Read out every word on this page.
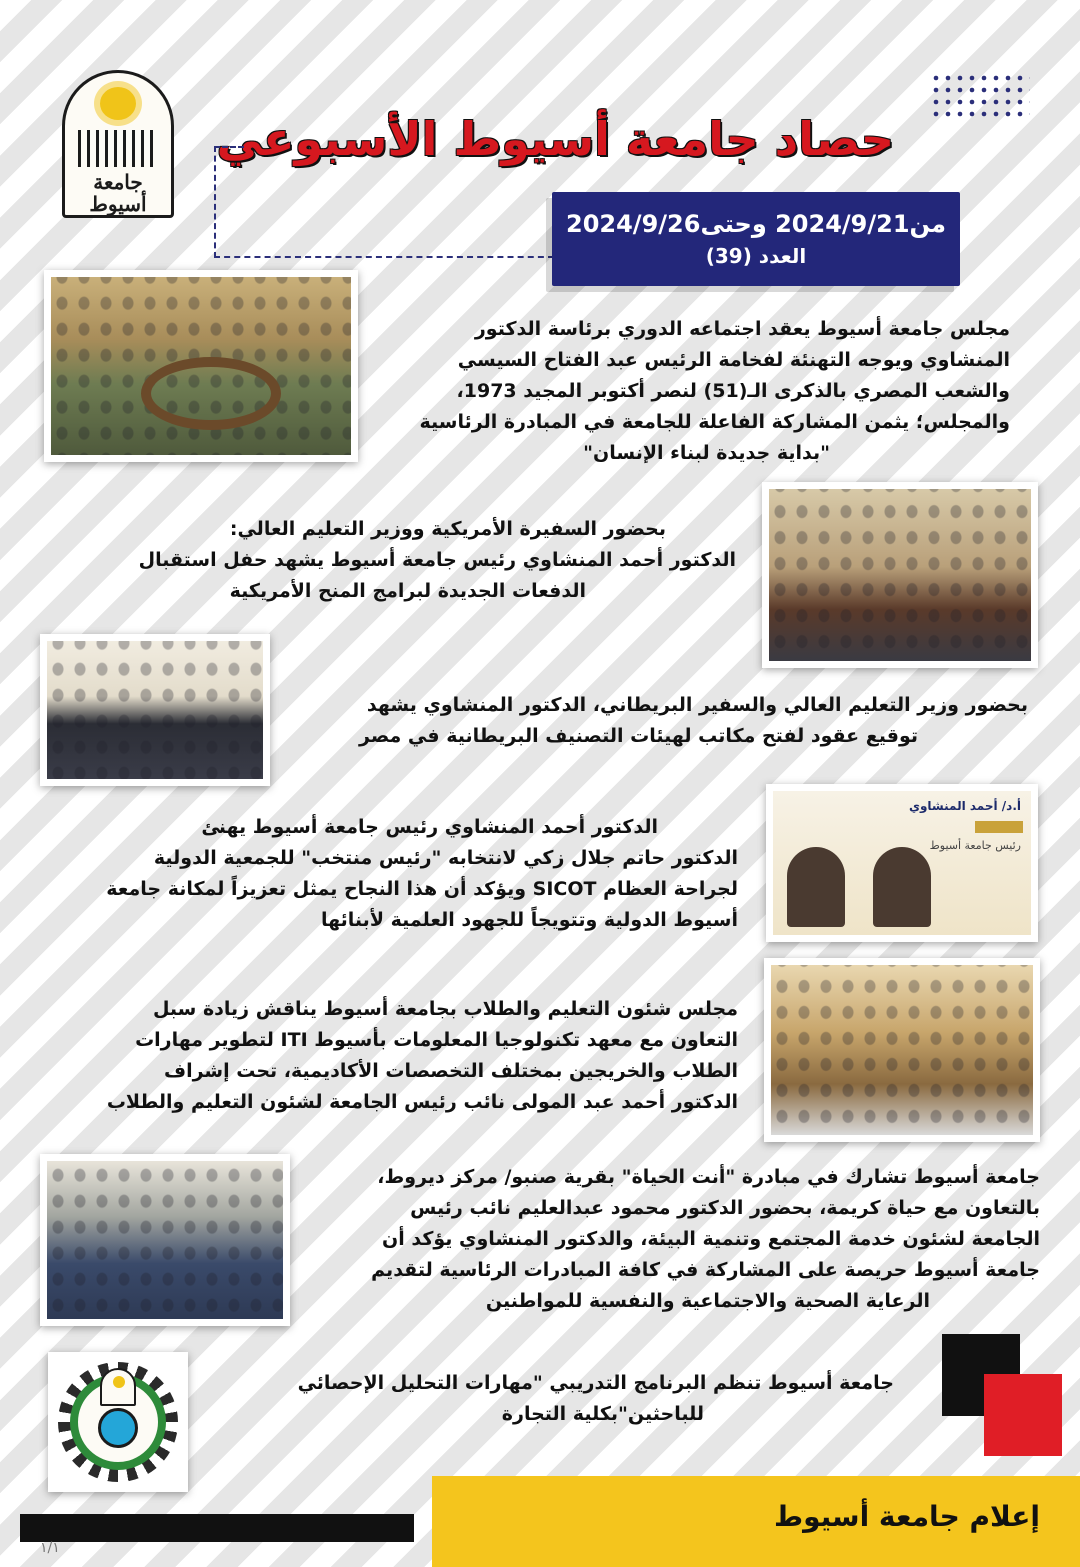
جامعة أسيوط
حصاد جامعة أسيوط الأسبوعي
من2024/9/21 وحتى2024/9/26
العدد (39)
مجلس جامعة أسيوط يعقد اجتماعه الدوري برئاسة الدكتور
المنشاوي ويوجه التهنئة لفخامة الرئيس عبد الفتاح السيسي
والشعب المصري بالذكرى الـ(51) لنصر أكتوبر المجيد 1973،
والمجلس؛ يثمن المشاركة الفاعلة للجامعة في المبادرة الرئاسية
"بداية جديدة لبناء الإنسان"
بحضور السفيرة الأمريكية ووزير التعليم العالي:
الدكتور أحمد المنشاوي رئيس جامعة أسيوط يشهد حفل استقبال
الدفعات الجديدة لبرامج المنح الأمريكية
بحضور وزير التعليم العالي والسفير البريطاني، الدكتور المنشاوي يشهد
توقيع عقود لفتح مكاتب لهيئات التصنيف البريطانية في مصر
أ.د/ أحمد المنشاوي
رئيس جامعة أسيوط
الدكتور أحمد المنشاوي رئيس جامعة أسيوط يهنئ
الدكتور حاتم جلال زكي لانتخابه "رئيس منتخب" للجمعية الدولية
لجراحة العظام SICOT ويؤكد أن هذا النجاح يمثل تعزيزاً لمكانة جامعة
أسيوط الدولية وتتويجاً للجهود العلمية لأبنائها
مجلس شئون التعليم والطلاب بجامعة أسيوط يناقش زيادة سبل
التعاون مع معهد تكنولوجيا المعلومات بأسيوط ITI لتطوير مهارات
الطلاب والخريجين بمختلف التخصصات الأكاديمية، تحت إشراف
الدكتور أحمد عبد المولى نائب رئيس الجامعة لشئون التعليم والطلاب
جامعة أسيوط تشارك في مبادرة "أنت الحياة" بقرية صنبو/ مركز ديروط،
بالتعاون مع حياة كريمة، بحضور الدكتور محمود عبدالعليم نائب رئيس
الجامعة لشئون خدمة المجتمع وتنمية البيئة، والدكتور المنشاوي يؤكد أن
جامعة أسيوط حريصة على المشاركة في كافة المبادرات الرئاسية لتقديم
الرعاية الصحية والاجتماعية والنفسية للمواطنين
جامعة أسيوط تنظم البرنامج التدريبي "مهارات التحليل الإحصائي
للباحثين"بكلية التجارة
إعلام جامعة أسيوط
١/١
